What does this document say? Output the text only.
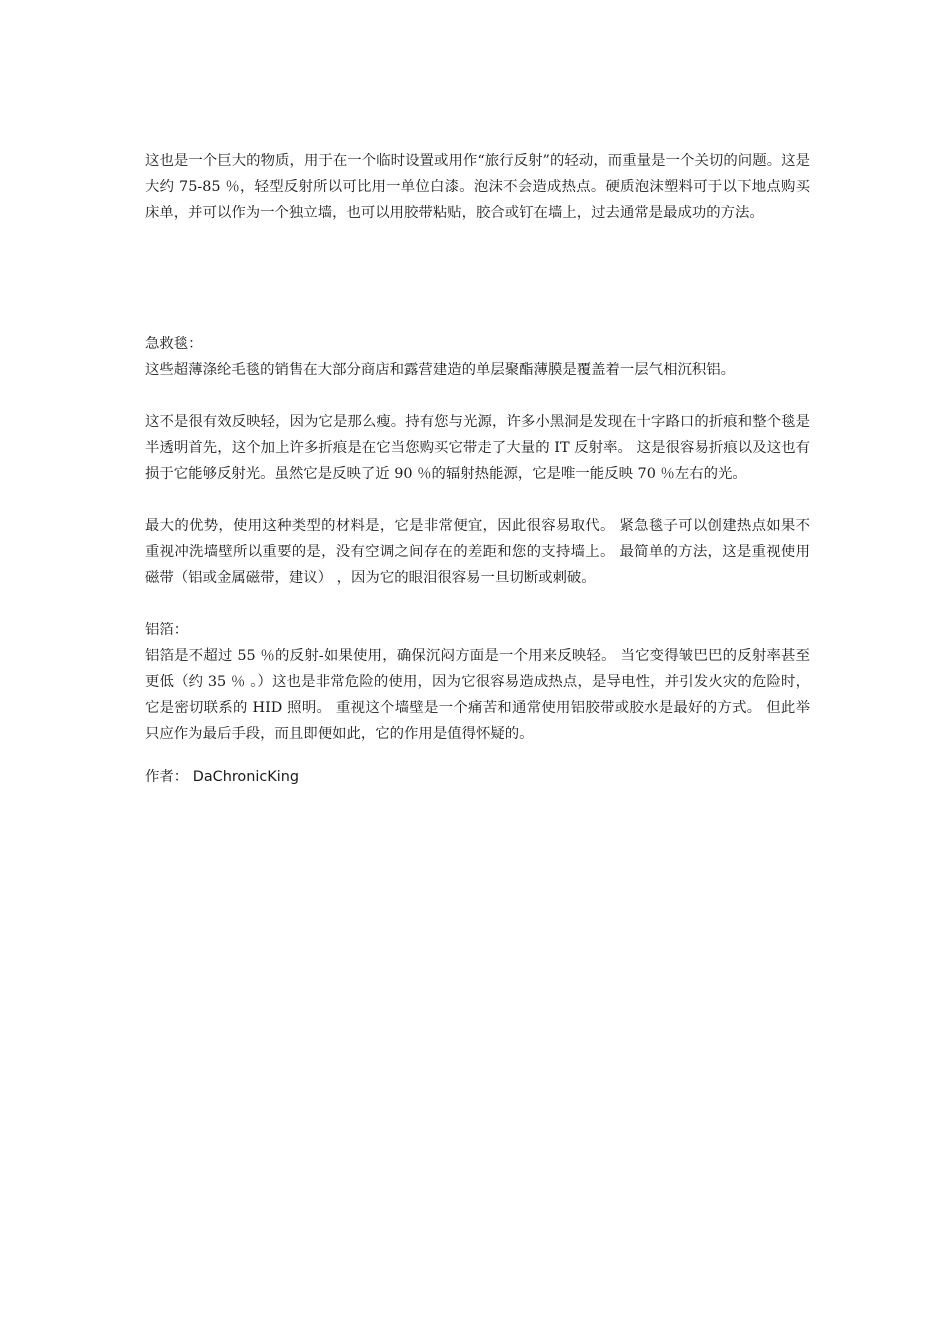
这也是一个巨大的物质，用于在一个临时设置或用作“旅行反射”的轻动，而重量是一个关切的问题。这是大约 75-85 ％，轻型反射所以可比用一单位白漆。泡沫不会造成热点。硬质泡沫塑料可于以下地点购买床单，并可以作为一个独立墙，也可以用胶带粘贴，胶合或钉在墙上，过去通常是最成功的方法。

急救毯：

这些超薄涤纶毛毯的销售在大部分商店和露营建造的单层聚酯薄膜是覆盖着一层气相沉积铝。

这不是很有效反映轻，因为它是那么瘦。持有您与光源，许多小黑洞是发现在十字路口的折痕和整个毯是半透明首先，这个加上许多折痕是在它当您购买它带走了大量的 IT 反射率。 这是很容易折痕以及这也有损于它能够反射光。虽然它是反映了近 90 ％的辐射热能源，它是唯一能反映 70 ％左右的光。

最大的优势，使用这种类型的材料是，它是非常便宜，因此很容易取代。 紧急毯子可以创建热点如果不重视冲洗墙壁所以重要的是，没有空调之间存在的差距和您的支持墙上。 最简单的方法，这是重视使用磁带（铝或金属磁带，建议） ，因为它的眼泪很容易一旦切断或刺破。

铝箔：

铝箔是不超过 55 ％的反射-如果使用，确保沉闷方面是一个用来反映轻。 当它变得皱巴巴的反射率甚至更低（约 35 ％ 。）这也是非常危险的使用，因为它很容易造成热点，是导电性，并引发火灾的危险时，它是密切联系的 HID 照明。 重视这个墙壁是一个痛苦和通常使用铝胶带或胶水是最好的方式。 但此举只应作为最后手段，而且即便如此，它的作用是值得怀疑的。

作者： DaChronicKing
